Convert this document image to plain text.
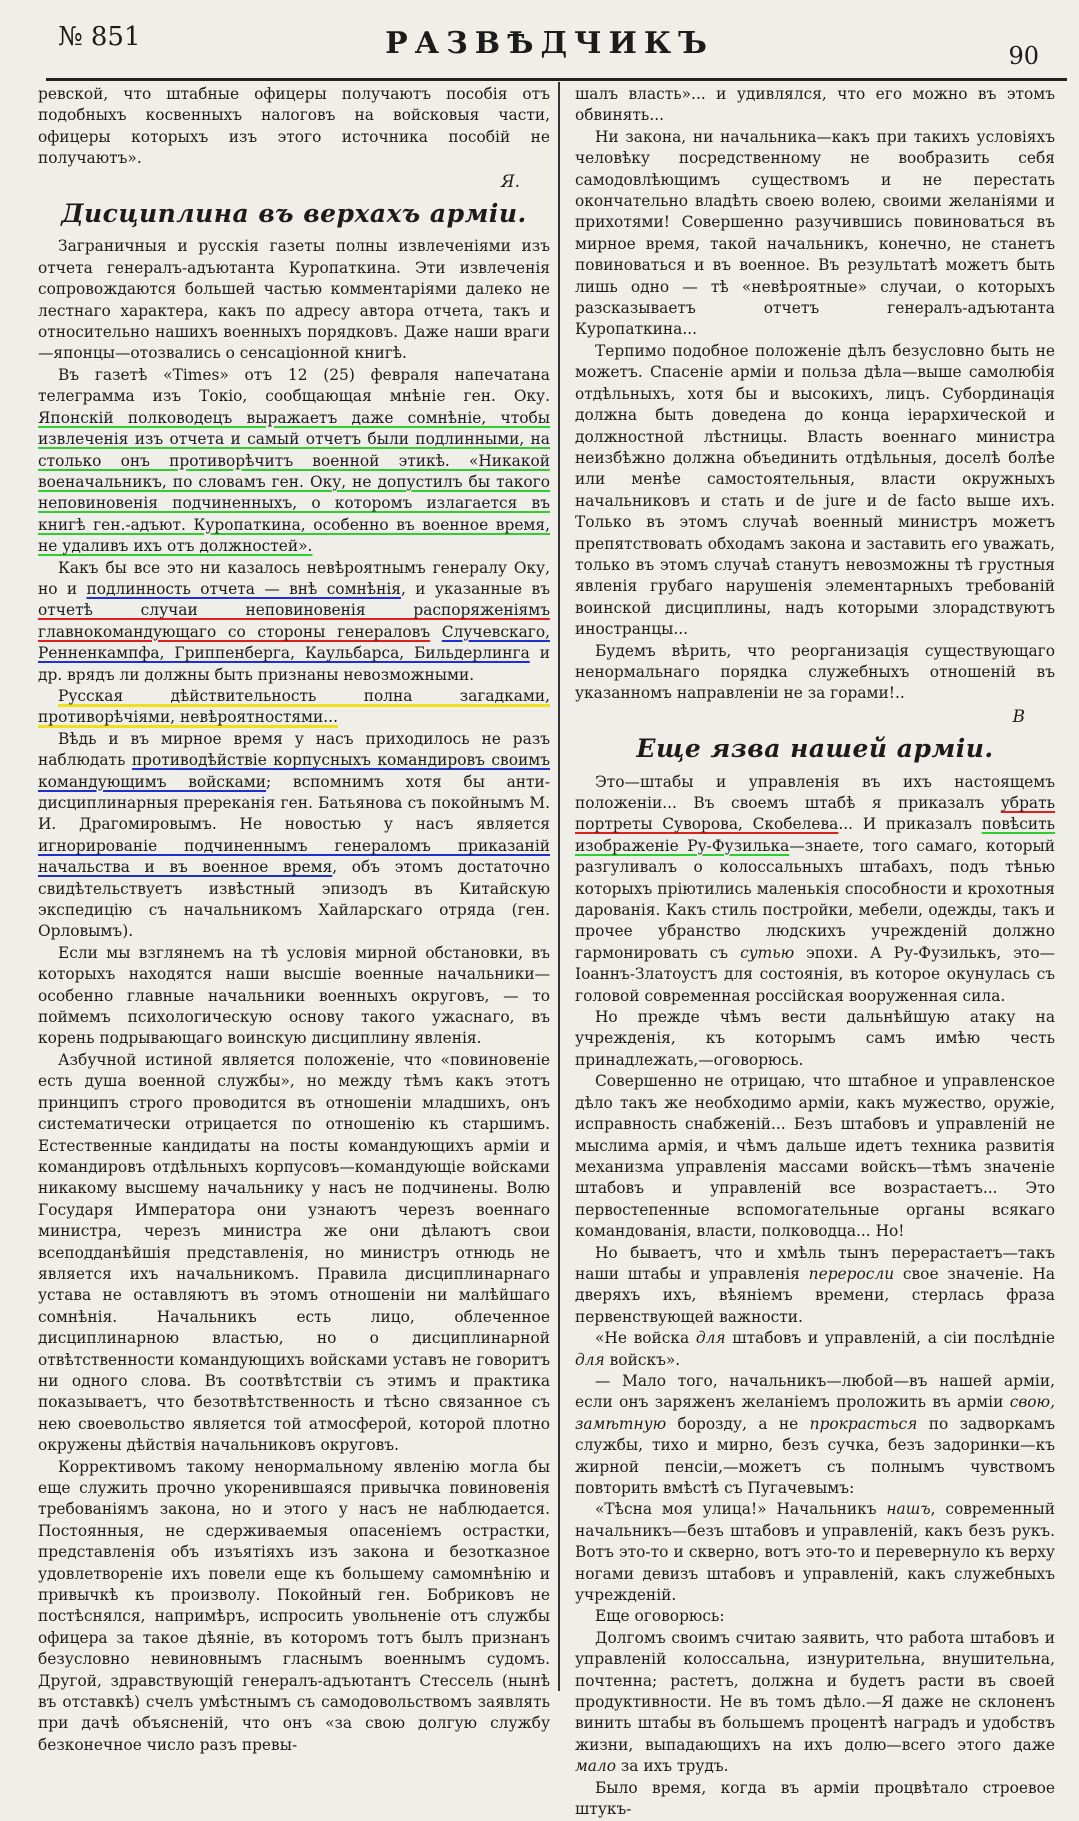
№ 851	РАЗВѢДЧИКЪ	90

ревской, что штабные офицеры получаютъ пособія отъ подобныхъ косвенныхъ налоговъ на войсковыя части, офицеры которыхъ изъ этого источника пособій не получаютъ».

Я.
Дисциплина въ верхахъ арміи.

Заграничныя и русскія газеты полны извлеченіями изъ отчета генералъ-адъютанта Куропаткина. Эти извлеченія сопровождаются большей частью комментаріями далеко не лестнаго характера, какъ по адресу автора отчета, такъ и относительно нашихъ военныхъ порядковъ. Даже наши враги—японцы—отозвались о сенсаціонной книгѣ.

Въ газетѣ «Times» отъ 12 (25) февраля напечатана телеграмма изъ Токіо, сообщающая мнѣніе ген. Оку. Японскій полководецъ выражаетъ даже сомнѣніе, чтобы извлеченія изъ отчета и самый отчетъ были подлинными, на столько онъ противорѣчитъ военной этикѣ. «Никакой военачальникъ, по словамъ ген. Оку, не допустилъ бы такого неповиновенія подчиненныхъ, о которомъ излагается въ книгѣ ген.-адъют. Куропаткина, особенно въ военное время, не удаливъ ихъ отъ должностей».

Какъ бы все это ни казалось невѣроятнымъ генералу Оку, но и подлинность отчета — внѣ сомнѣнія, и указанные въ отчетѣ случаи неповиновенія распоряженіямъ главнокомандующаго со стороны генераловъ Случевскаго, Ренненкампфа, Гриппенберга, Каульбарса, Бильдерлинга и др. врядъ ли должны быть признаны невозможными.

Русская дѣйствительность полна загадками, противорѣчіями, невѣроятностями...

Вѣдь и въ мирное время у насъ приходилось не разъ наблюдать противодѣйствіе корпусныхъ командировъ своимъ командующимъ войсками; вспомнимъ хотя бы анти-дисциплинарныя пререканія ген. Батьянова съ покойнымъ М. И. Драгомировымъ. Не новостью у насъ является игнорированіе подчиненнымъ генераломъ приказаній начальства и въ военное время, объ этомъ достаточно свидѣтельствуетъ извѣстный эпизодъ въ Китайскую экспедицію съ начальникомъ Хайларскаго отряда (ген. Орловымъ).

Если мы взглянемъ на тѣ условія мирной обстановки, въ которыхъ находятся наши высшіе военные начальники—особенно главные начальники военныхъ округовъ, — то поймемъ психологическую основу такого ужаснаго, въ корень подрывающаго воинскую дисциплину явленія.

Азбучной истиной является положеніе, что «повиновеніе есть душа военной службы», но между тѣмъ какъ этотъ принципъ строго проводится въ отношеніи младшихъ, онъ систематически отрицается по отношенію къ старшимъ. Естественные кандидаты на посты командующихъ арміи и командировъ отдѣльныхъ корпусовъ—командующіе войсками никакому высшему начальнику у насъ не подчинены. Волю Государя Императора они узнаютъ черезъ военнаго министра, черезъ министра же они дѣлаютъ свои всеподданѣйшія представленія, но министръ отнюдь не является ихъ начальникомъ. Правила дисциплинарнаго устава не оставляютъ въ этомъ отношеніи ни малѣйшаго сомнѣнія. Начальникъ есть лицо, облеченное дисциплинарною властью, но о дисциплинарной отвѣтственности командующихъ войсками уставъ не говоритъ ни одного слова. Въ соотвѣтствіи съ этимъ и практика показываетъ, что безотвѣтственность и тѣсно связанное съ нею своевольство является той атмосферой, которой плотно окружены дѣйствія начальниковъ округовъ.

Коррективомъ такому ненормальному явленію могла бы еще служить прочно укоренившаяся привычка повиновенія требованіямъ закона, но и этого у насъ не наблюдается. Постоянныя, не сдерживаемыя опасеніемъ острастки, представленія объ изъятіяхъ изъ закона и безотказное удовлетвореніе ихъ повели еще къ большему самомнѣнію и привычкѣ къ произволу. Покойный ген. Бобриковъ не постѣснялся, напримѣръ, испросить увольненіе отъ службы офицера за такое дѣяніе, въ которомъ тотъ былъ признанъ безусловно невиновнымъ гласнымъ военнымъ судомъ. Другой, здравствующій генералъ-адъютантъ Стессель (нынѣ въ отставкѣ) счелъ умѣстнымъ съ самодовольствомъ заявлять при дачѣ объясненій, что онъ «за свою долгую службу безконечное число разъ превы-

шалъ власть»... и удивлялся, что его можно въ этомъ обвинять...

Ни закона, ни начальника—какъ при такихъ условіяхъ человѣку посредственному не вообразить себя самодовлѣющимъ существомъ и не перестать окончательно владѣть своею волею, своими желаніями и прихотями! Совершенно разучившись повиноваться въ мирное время, такой начальникъ, конечно, не станетъ повиноваться и въ военное. Въ результатѣ можетъ быть лишь одно — тѣ «невѣроятные» случаи, о которыхъ разсказываетъ отчетъ генералъ-адъютанта Куропаткина...

Терпимо подобное положеніе дѣлъ безусловно быть не можетъ. Спасеніе арміи и польза дѣла—выше самолюбія отдѣльныхъ, хотя бы и высокихъ, лицъ. Субординація должна быть доведена до конца іерархической и должностной лѣстницы. Власть военнаго министра неизбѣжно должна объединить отдѣльныя, доселѣ болѣе или менѣе самостоятельныя, власти окружныхъ начальниковъ и стать и de jure и de facto выше ихъ. Только въ этомъ случаѣ военный министръ можетъ препятствовать обходамъ закона и заставить его уважать, только въ этомъ случаѣ станутъ невозможны тѣ грустныя явленія грубаго нарушенія элементарныхъ требованій воинской дисциплины, надъ которыми злорадствуютъ иностранцы...

Будемъ вѣрить, что реорганизація существующаго ненормальнаго порядка служебныхъ отношеній въ указанномъ направленіи не за горами!..

В
Еще язва нашей арміи.

Это—штабы и управленія въ ихъ настоящемъ положеніи... Въ своемъ штабѣ я приказалъ убрать портреты Суворова, Скобелева... И приказалъ повѣсить изображеніе Ру-Фузилька—знаете, того самаго, который разгуливалъ о колоссальныхъ штабахъ, подъ тѣнью которыхъ пріютились маленькія способности и крохотныя дарованія. Какъ стиль постройки, мебели, одежды, такъ и прочее убранство людскихъ учрежденій должно гармонировать съ сутью эпохи. А Ру-Фузилькъ, это—Іоаннъ-Златоустъ для состоянія, въ которое окунулась съ головой современная россійская вооруженная сила.

Но прежде чѣмъ вести дальнѣйшую атаку на учрежденія, къ которымъ самъ имѣю честь принадлежать,—оговорюсь.

Совершенно не отрицаю, что штабное и управленское дѣло такъ же необходимо арміи, какъ мужество, оружіе, исправность снабженій... Безъ штабовъ и управленій не мыслима армія, и чѣмъ дальше идетъ техника развитія механизма управленія массами войскъ—тѣмъ значеніе штабовъ и управленій все возрастаетъ... Это первостепенные вспомогательные органы всякаго командованія, власти, полководца... Но!

Но бываетъ, что и хмѣль тынъ перерастаетъ—такъ наши штабы и управленія переросли свое значеніе. На дверяхъ ихъ, вѣяніемъ времени, стерлась фраза первенствующей важности.

«Не войска для штабовъ и управленій, а сіи послѣдніе для войскъ».

— Мало того, начальникъ—любой—въ нашей арміи, если онъ заряженъ желаніемъ проложить въ арміи свою, замѣтную борозду, а не прокрасться по задворкамъ службы, тихо и мирно, безъ сучка, безъ задоринки—къ жирной пенсіи,—можетъ съ полнымъ чувствомъ повторить вмѣстѣ съ Пугачевымъ:

«Тѣсна моя улица!» Начальникъ нашъ, современный начальникъ—безъ штабовъ и управленій, какъ безъ рукъ. Вотъ это-то и скверно, вотъ это-то и перевернуло къ верху ногами девизъ штабовъ и управленій, какъ служебныхъ учрежденій.

Еще оговорюсь:

Долгомъ своимъ считаю заявить, что работа штабовъ и управленій колоссальна, изнурительна, внушительна, почтенна; растетъ, должна и будетъ расти въ своей продуктивности. Не въ томъ дѣло.—Я даже не склоненъ винить штабы въ большемъ процентѣ наградъ и удобствъ жизни, выпадающихъ на ихъ долю—всего этого даже мало за ихъ трудъ.

Было время, когда въ арміи процвѣтало строевое штукъ-
